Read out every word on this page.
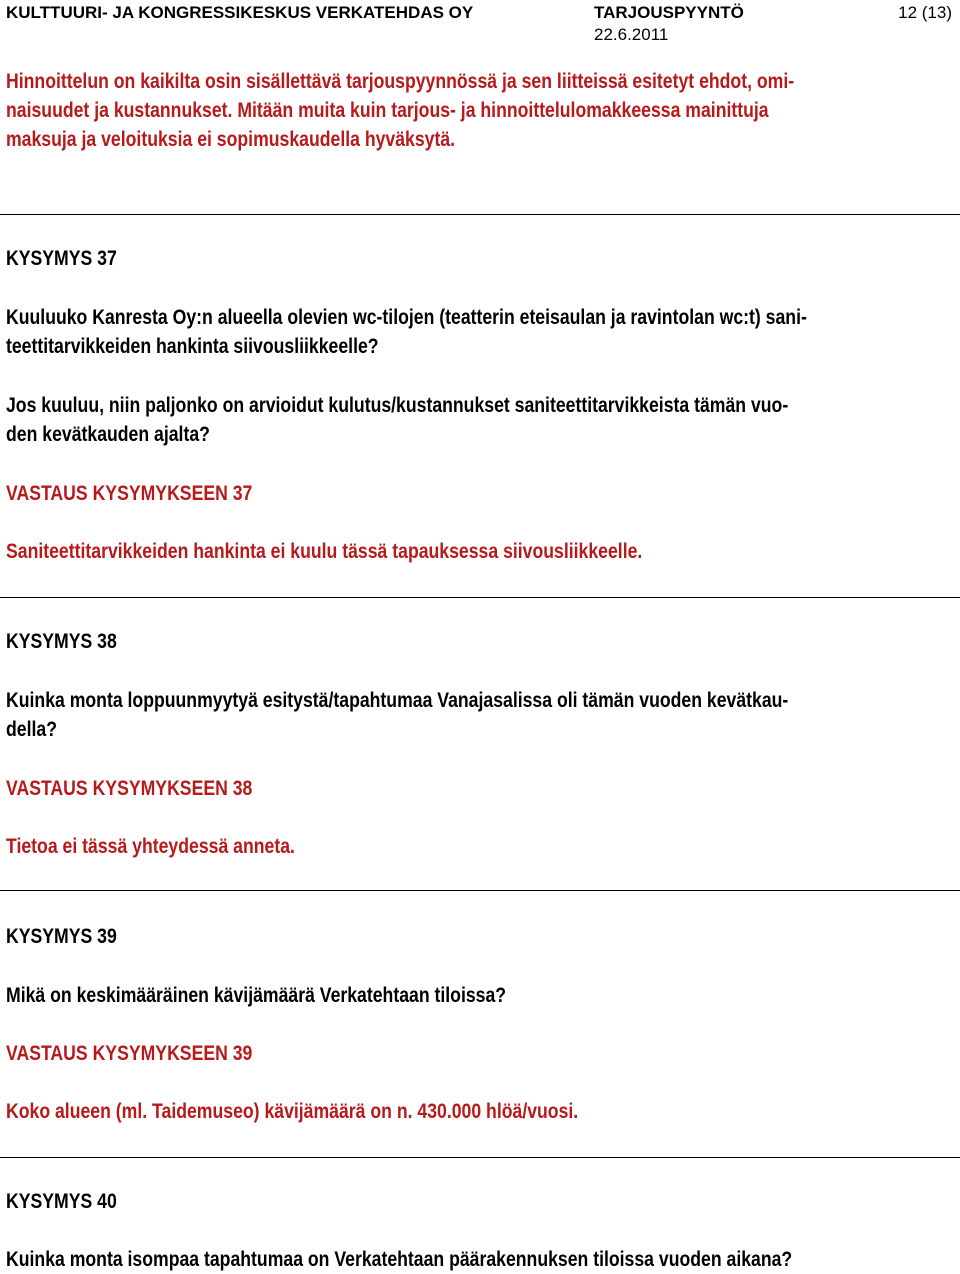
KULTTUURI- JA KONGRESSIKESKUS VERKATEHDAS OY	TARJOUSPYYNTÖ
22.6.2011
12 (13)
Hinnoittelun on kaikilta osin sisällettävä tarjouspyynnössä ja sen liitteissä esitetyt ehdot, omi-
naisuudet ja kustannukset. Mitään muita kuin tarjous- ja hinnoittelulomakkeessa mainittuja
maksuja ja veloituksia ei sopimuskaudella hyväksytä.
KYSYMYS 37
Kuuluuko Kanresta Oy:n alueella olevien wc-tilojen (teatterin eteisaulan ja ravintolan wc:t) sani-
teettitarvikkeiden hankinta siivousliikkeelle?
Jos kuuluu, niin paljonko on arvioidut kulutus/kustannukset saniteettitarvikkeista tämän vuo-
den kevätkauden ajalta?
VASTAUS KYSYMYKSEEN 37
Saniteettitarvikkeiden hankinta ei kuulu tässä tapauksessa siivousliikkeelle.
KYSYMYS 38
Kuinka monta loppuunmyytyä esitystä/tapahtumaa Vanajasalissa oli tämän vuoden kevätkau-
della?
VASTAUS KYSYMYKSEEN 38
Tietoa ei tässä yhteydessä anneta.
KYSYMYS 39
Mikä on keskimääräinen kävijämäärä Verkatehtaan tiloissa?
VASTAUS KYSYMYKSEEN 39
Koko alueen (ml. Taidemuseo) kävijämäärä on n. 430.000 hlöä/vuosi.
KYSYMYS 40
Kuinka monta isompaa tapahtumaa on Verkatehtaan päärakennuksen tiloissa vuoden aikana?
